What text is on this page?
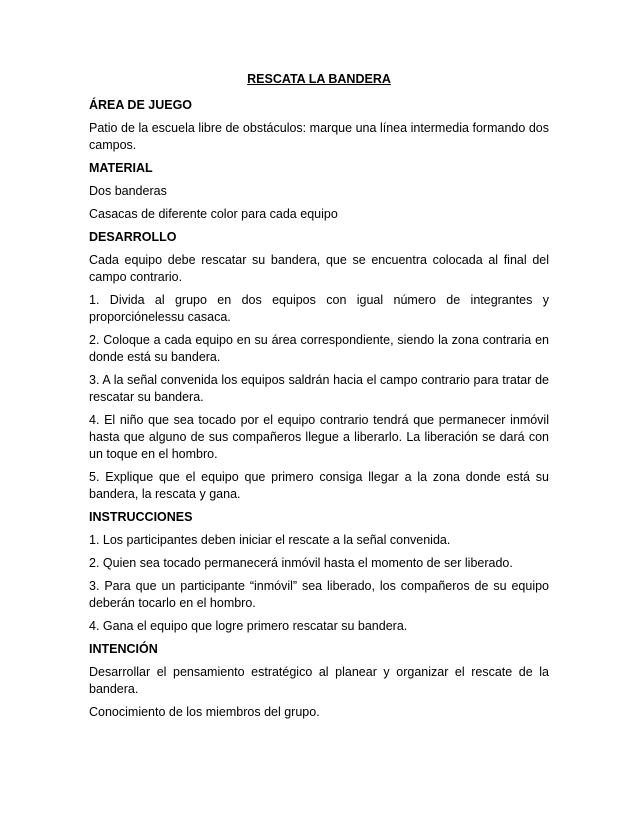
RESCATA LA BANDERA
ÁREA DE JUEGO
Patio de la escuela libre de obstáculos: marque una línea intermedia formando dos campos.
MATERIAL
Dos banderas
Casacas de diferente color para cada equipo
DESARROLLO
Cada equipo debe rescatar su bandera, que se encuentra colocada al final del campo contrario.
1. Divida al grupo en dos equipos con igual número de integrantes y proporciónelessu casaca.
2. Coloque a cada equipo en su área correspondiente, siendo la zona contraria en donde está su bandera.
3. A la señal convenida los equipos saldrán hacia el campo contrario para tratar de rescatar su bandera.
4. El niño que sea tocado por el equipo contrario tendrá que permanecer inmóvil hasta que alguno de sus compañeros llegue a liberarlo. La liberación se dará con un toque en el hombro.
5. Explique que el equipo que primero consiga llegar a la zona donde está su bandera, la rescata y gana.
INSTRUCCIONES
1. Los participantes deben iniciar el rescate a la señal convenida.
2. Quien sea tocado permanecerá inmóvil hasta el momento de ser liberado.
3. Para que un participante “inmóvil” sea liberado, los compañeros de su equipo deberán tocarlo en el hombro.
4. Gana el equipo que logre primero rescatar su bandera.
INTENCIÓN
Desarrollar el pensamiento estratégico al planear y organizar el rescate de la bandera.
Conocimiento de los miembros del grupo.
